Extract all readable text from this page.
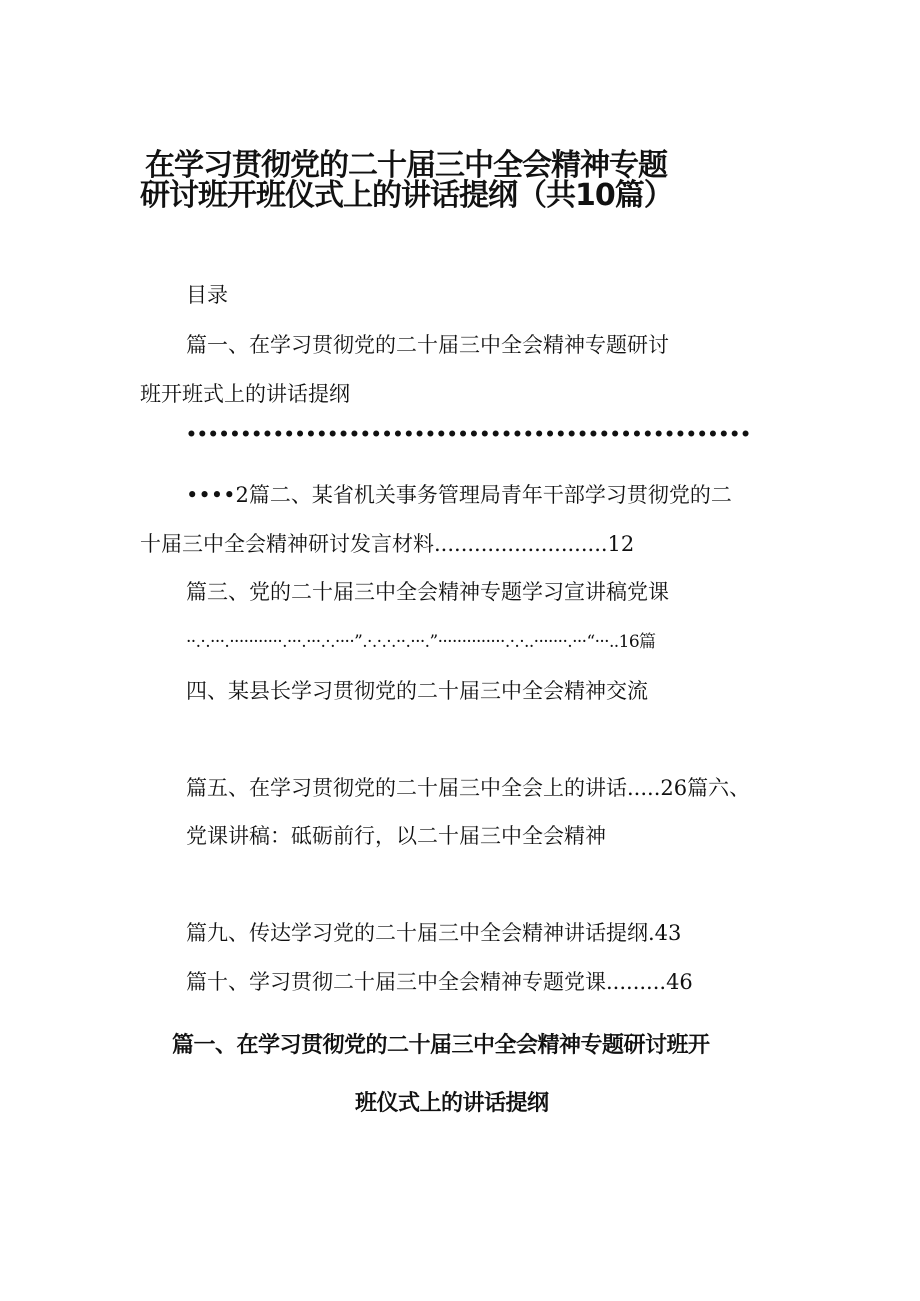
在学习贯彻党的二十届三中全会精神专题
研讨班开班仪式上的讲话提纲（共10篇）
目录
篇一、在学习贯彻党的二十届三中全会精神专题研讨
班开班式上的讲话提纲
••••••••••••••••••••••••••••••••••••••••••••••••••••
••••2篇二、某省机关事务管理局青年干部学习贯彻党的二
十届三中全会精神研讨发言材料..........................12
篇三、党的二十届三中全会精神专题学习宣讲稿党课
··.·.···.···········.···.···.·.····”.·.·.·.··.···.”··············.·.·..·······.···“···..16篇
四、某县长学习贯彻党的二十届三中全会精神交流
篇五、在学习贯彻党的二十届三中全会上的讲话.....26篇六、
党课讲稿：砥砺前行，以二十届三中全会精神
篇九、传达学习党的二十届三中全会精神讲话提纲.43
篇十、学习贯彻二十届三中全会精神专题党课.........46
篇一、在学习贯彻党的二十届三中全会精神专题研讨班开
班仪式上的讲话提纲
